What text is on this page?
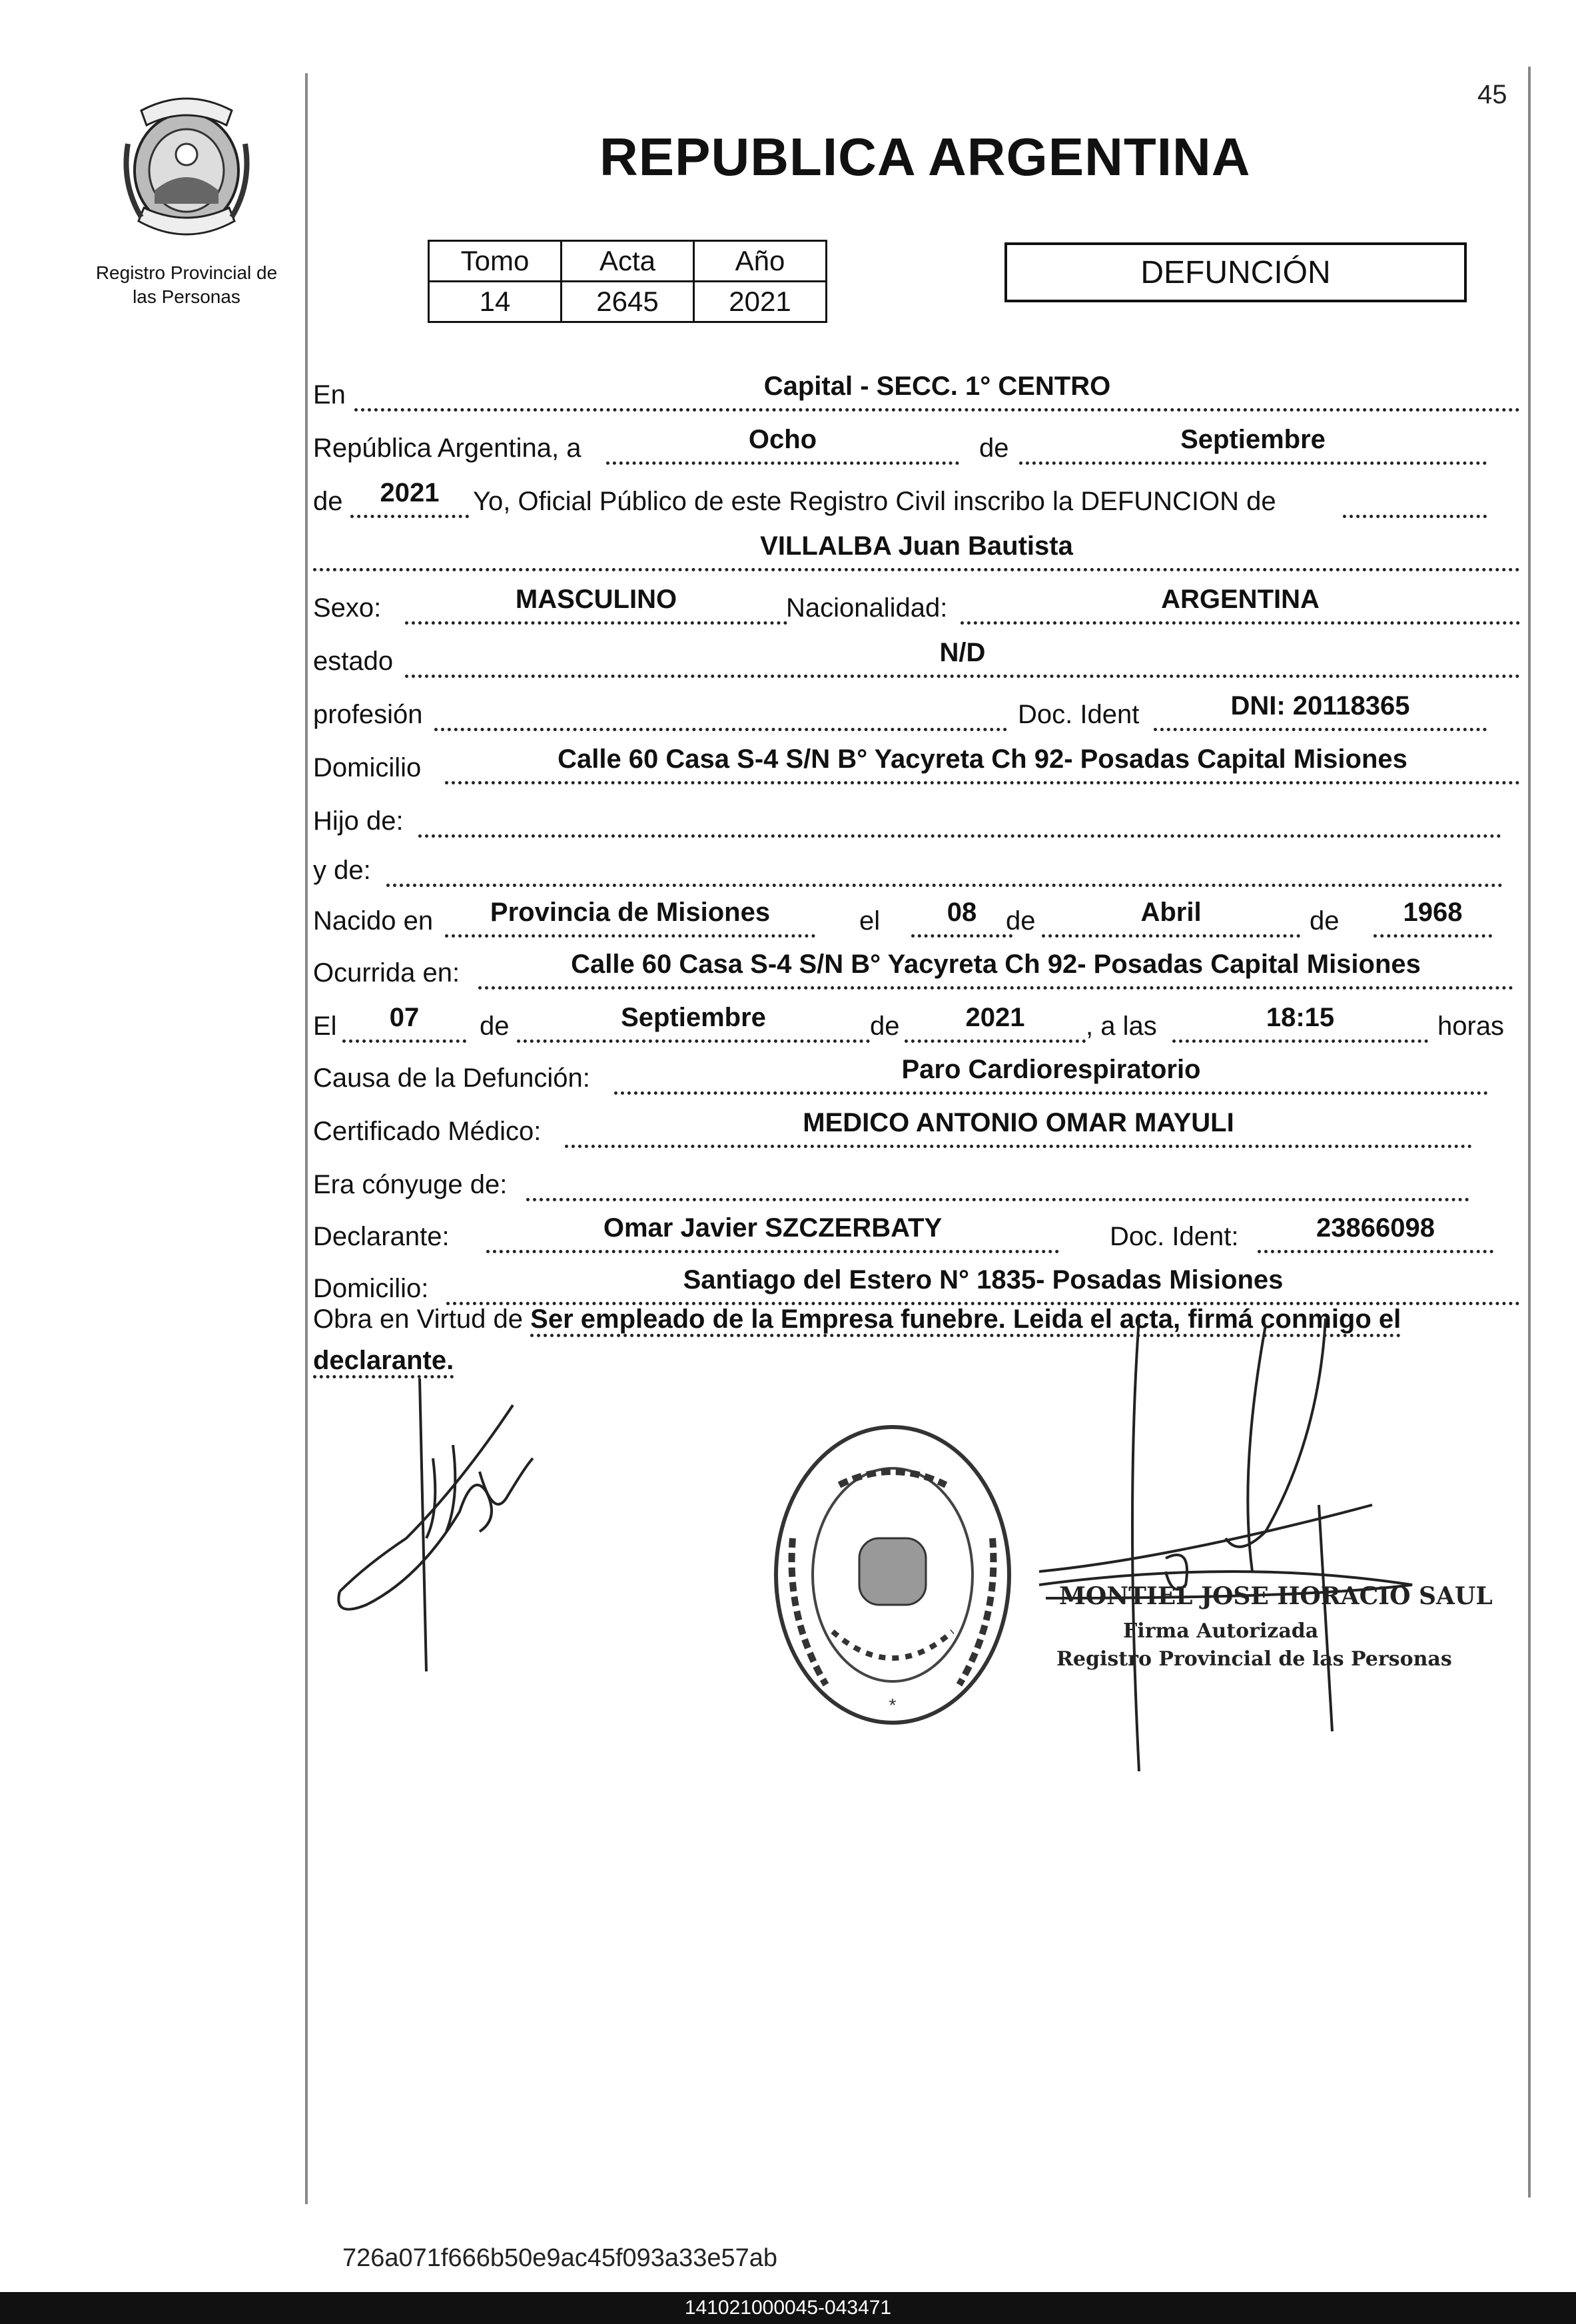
45
Registro Provincial de
las Personas
REPUBLICA ARGENTINA
Tomo	Acta	Año
14	2645	2021
DEFUNCIÓN
En	Capital - SECC. 1° CENTRO
República Argentina, a	Ocho	de	Septiembre
de	2021	Yo, Oficial Público de este Registro Civil inscribo la DEFUNCION de
VILLALBA Juan Bautista
Sexo:	MASCULINO	Nacionalidad:	ARGENTINA
estado	N/D
profesión	Doc. Ident	DNI: 20118365
Domicilio	Calle 60 Casa S-4 S/N B° Yacyreta Ch 92- Posadas Capital Misiones
Hijo de:
y de:
Nacido en	Provincia de Misiones	el	08	de	Abril	de	1968
Ocurrida en:	Calle 60 Casa S-4 S/N B° Yacyreta Ch 92- Posadas Capital Misiones
El	07	de	Septiembre	de	2021	, a las	18:15	horas
Causa de la Defunción:	Paro Cardiorespiratorio
Certificado Médico:	MEDICO ANTONIO OMAR MAYULI
Era cónyuge de:
Declarante:	Omar Javier SZCZERBATY	Doc. Ident:	23866098
Domicilio:	Santiago del Estero N° 1835- Posadas Misiones
Obra en Virtud de Ser empleado de la Empresa funebre. Leida el acta, firmá conmigo el declarante.
*
MONTIEL JOSE HORACIO SAUL
Firma Autorizada
Registro Provincial de las Personas
726a071f666b50e9ac45f093a33e57ab
141021000045-043471
